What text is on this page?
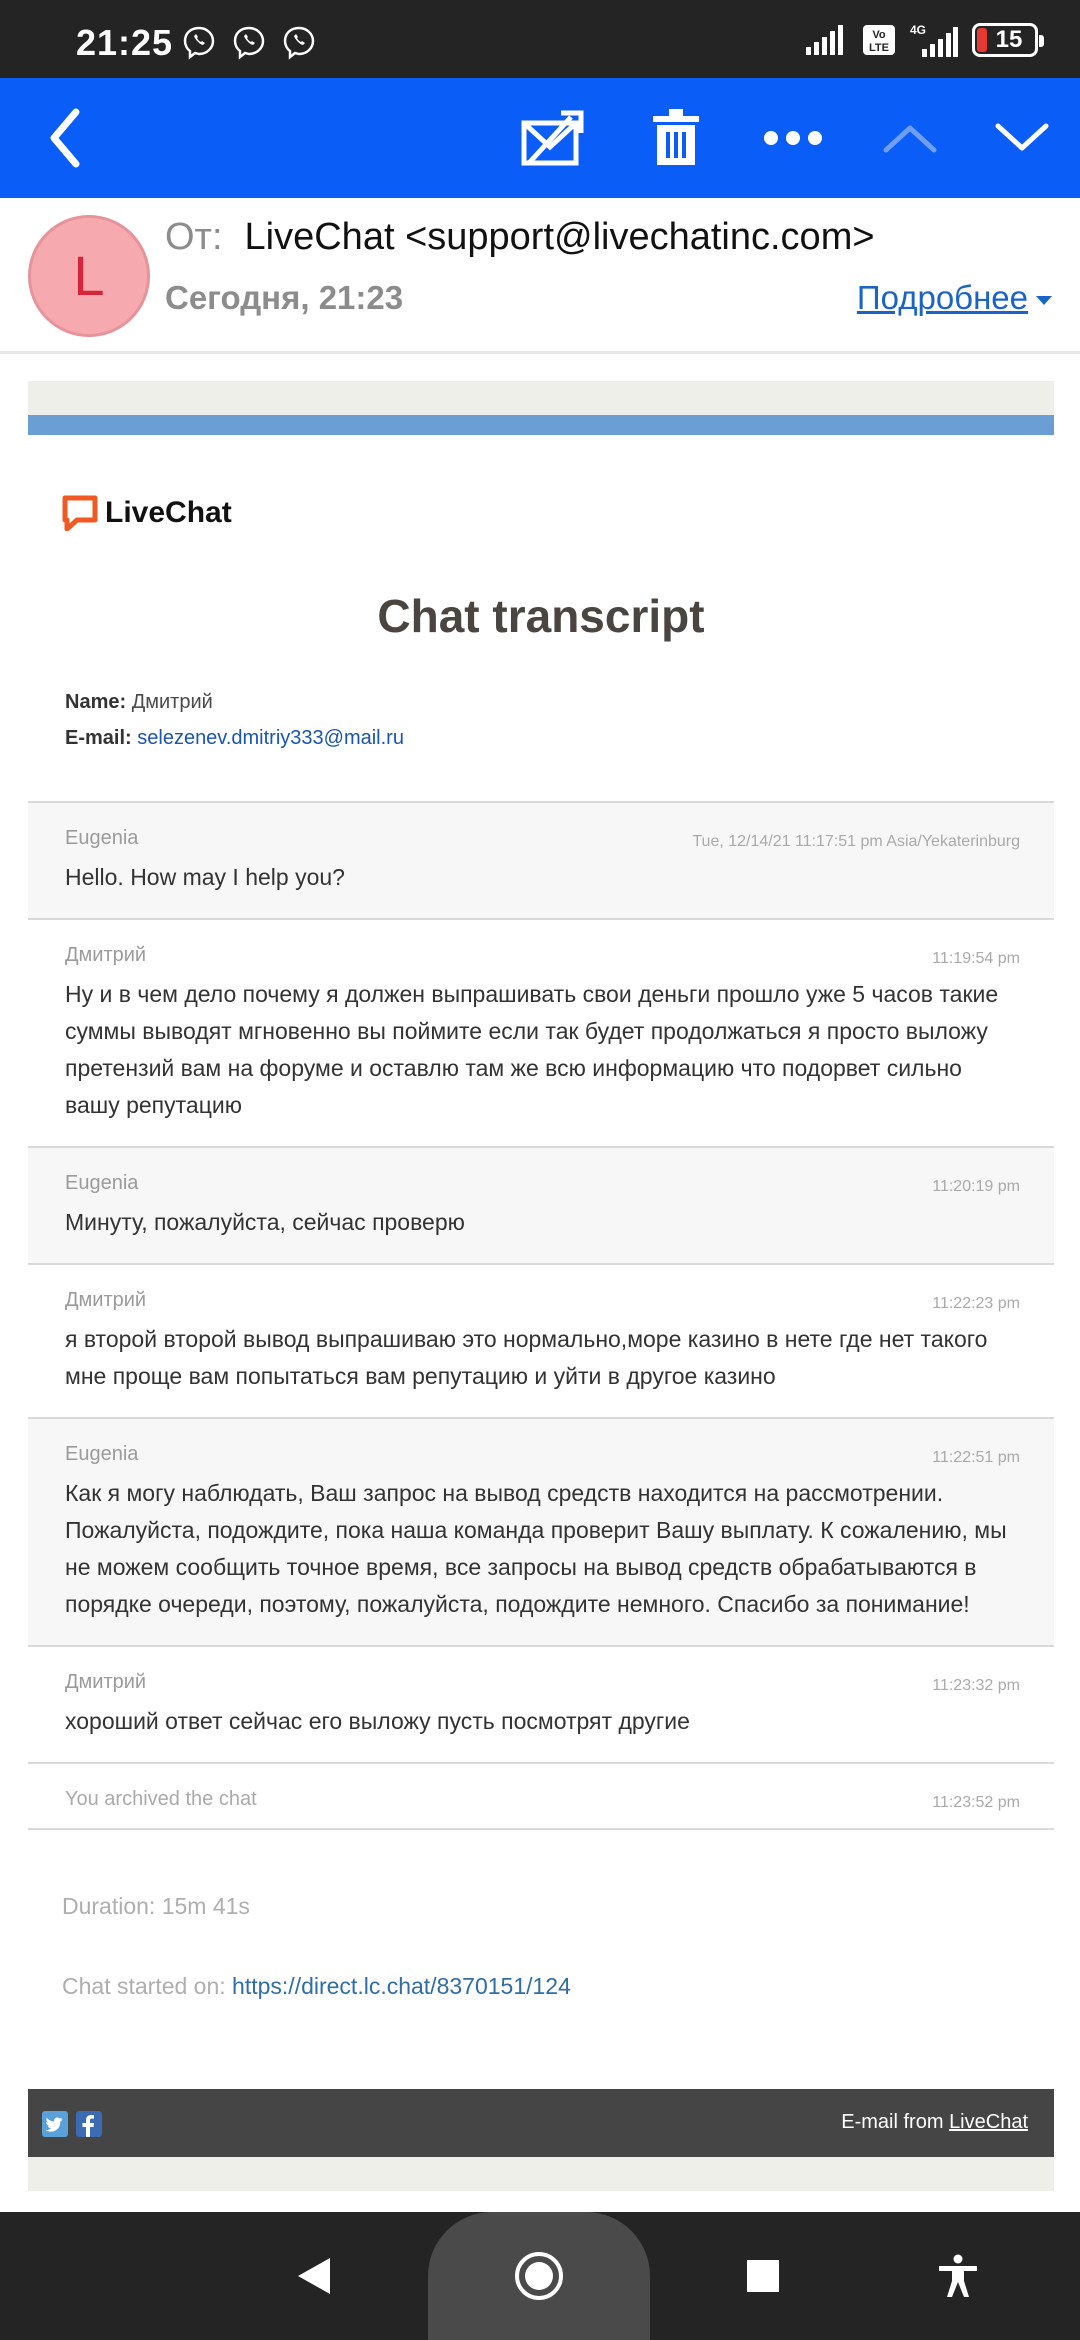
21:25	Vo
LTE
4G	15
L
От: LiveChat <support@livechatinc.com>
Сегодня, 21:23	Подробнее
LiveChat
Chat transcript
Name: Дмитрий
E-mail: selezenev.dmitriy333@mail.ru
Eugenia	Tue, 12/14/21 11:17:51 pm Asia/Yekaterinburg
Hello. How may I help you?
Дмитрий	11:19:54 pm
Ну и в чем дело почему я должен выпрашивать свои деньги прошло уже 5 часов такие суммы выводят мгновенно вы поймите если так будет продолжаться я просто выложу претензий вам на форуме и оставлю там же всю информацию что подорвет сильно вашу репутацию
Eugenia	11:20:19 pm
Минуту, пожалуйста, сейчас проверю
Дмитрий	11:22:23 pm
я второй второй вывод выпрашиваю это нормально,море казино в нете где нет такого мне проще вам попытаться вам репутацию и уйти в другое казино
Eugenia	11:22:51 pm
Как я могу наблюдать, Ваш запрос на вывод средств находится на рассмотрении. Пожалуйста, подождите, пока наша команда проверит Вашу выплату. К сожалению, мы не можем сообщить точное время, все запросы на вывод средств обрабатываются в порядке очереди, поэтому, пожалуйста, подождите немного. Спасибо за понимание!
Дмитрий	11:23:32 pm
хороший ответ сейчас его выложу пусть посмотрят другие
You archived the chat	11:23:52 pm
Duration: 15m 41s
Chat started on: https://direct.lc.chat/8370151/124
E-mail from LiveChat
